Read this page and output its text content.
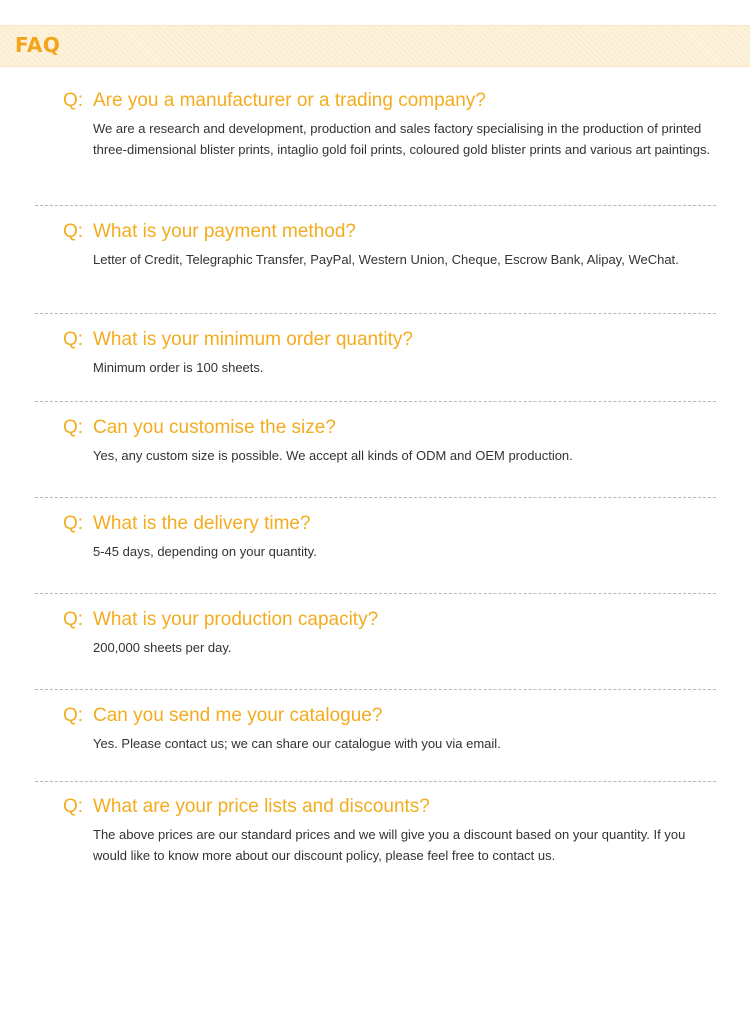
FAQ
Q: Are you a manufacturer or a trading company?
We are a research and development, production and sales factory specialising in the production of printed three-dimensional blister prints, intaglio gold foil prints, coloured gold blister prints and various art paintings.
Q: What is your payment method?
Letter of Credit, Telegraphic Transfer, PayPal, Western Union, Cheque, Escrow Bank, Alipay, WeChat.
Q: What is your minimum order quantity?
Minimum order is 100 sheets.
Q: Can you customise the size?
Yes, any custom size is possible. We accept all kinds of ODM and OEM production.
Q: What is the delivery time?
5-45 days, depending on your quantity.
Q: What is your production capacity?
200,000 sheets per day.
Q: Can you send me your catalogue?
Yes. Please contact us; we can share our catalogue with you via email.
Q: What are your price lists and discounts?
The above prices are our standard prices and we will give you a discount based on your quantity. If you would like to know more about our discount policy, please feel free to contact us.
